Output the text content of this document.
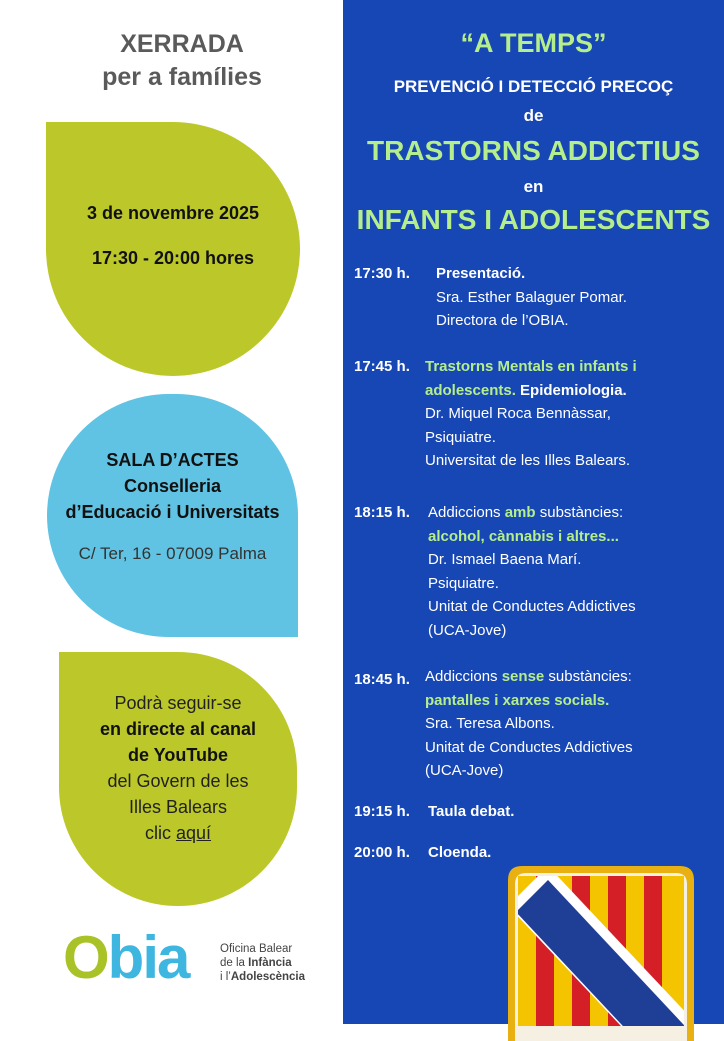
XERRADA
per a famílies
3 de novembre 2025
17:30 - 20:00 hores
SALA D’ACTES
Conselleria
d’Educació i Universitats
C/ Ter, 16 - 07009 Palma
Podrà seguir-se
en directe al canal
de YouTube
del Govern de les
Illes Balears
clic aquí
Obia	Oficina Balear
de la Infància
i l’Adolescència
“A TEMPS”
PREVENCIÓ I DETECCIÓ PRECOÇ
de
TRASTORNS ADDICTIUS
en
INFANTS I ADOLESCENTS
17:30 h. Presentació.
Sra. Esther Balaguer Pomar.
Directora de l’OBIA.
17:45 h. Trastorns Mentals en infants i
adolescents. Epidemiologia.
Dr. Miquel Roca Bennàssar,
Psiquiatre.
Universitat de les Illes Balears.
18:15 h. Addiccions amb substàncies:
alcohol, cànnabis i altres...
Dr. Ismael Baena Marí.
Psiquiatre.
Unitat de Conductes Addictives
(UCA-Jove)
18:45 h. Addiccions sense substàncies:
pantalles i xarxes socials.
Sra. Teresa Albons.
Unitat de Conductes Addictives
(UCA-Jove)
19:15 h. Taula debat.
20:00 h. Cloenda.
